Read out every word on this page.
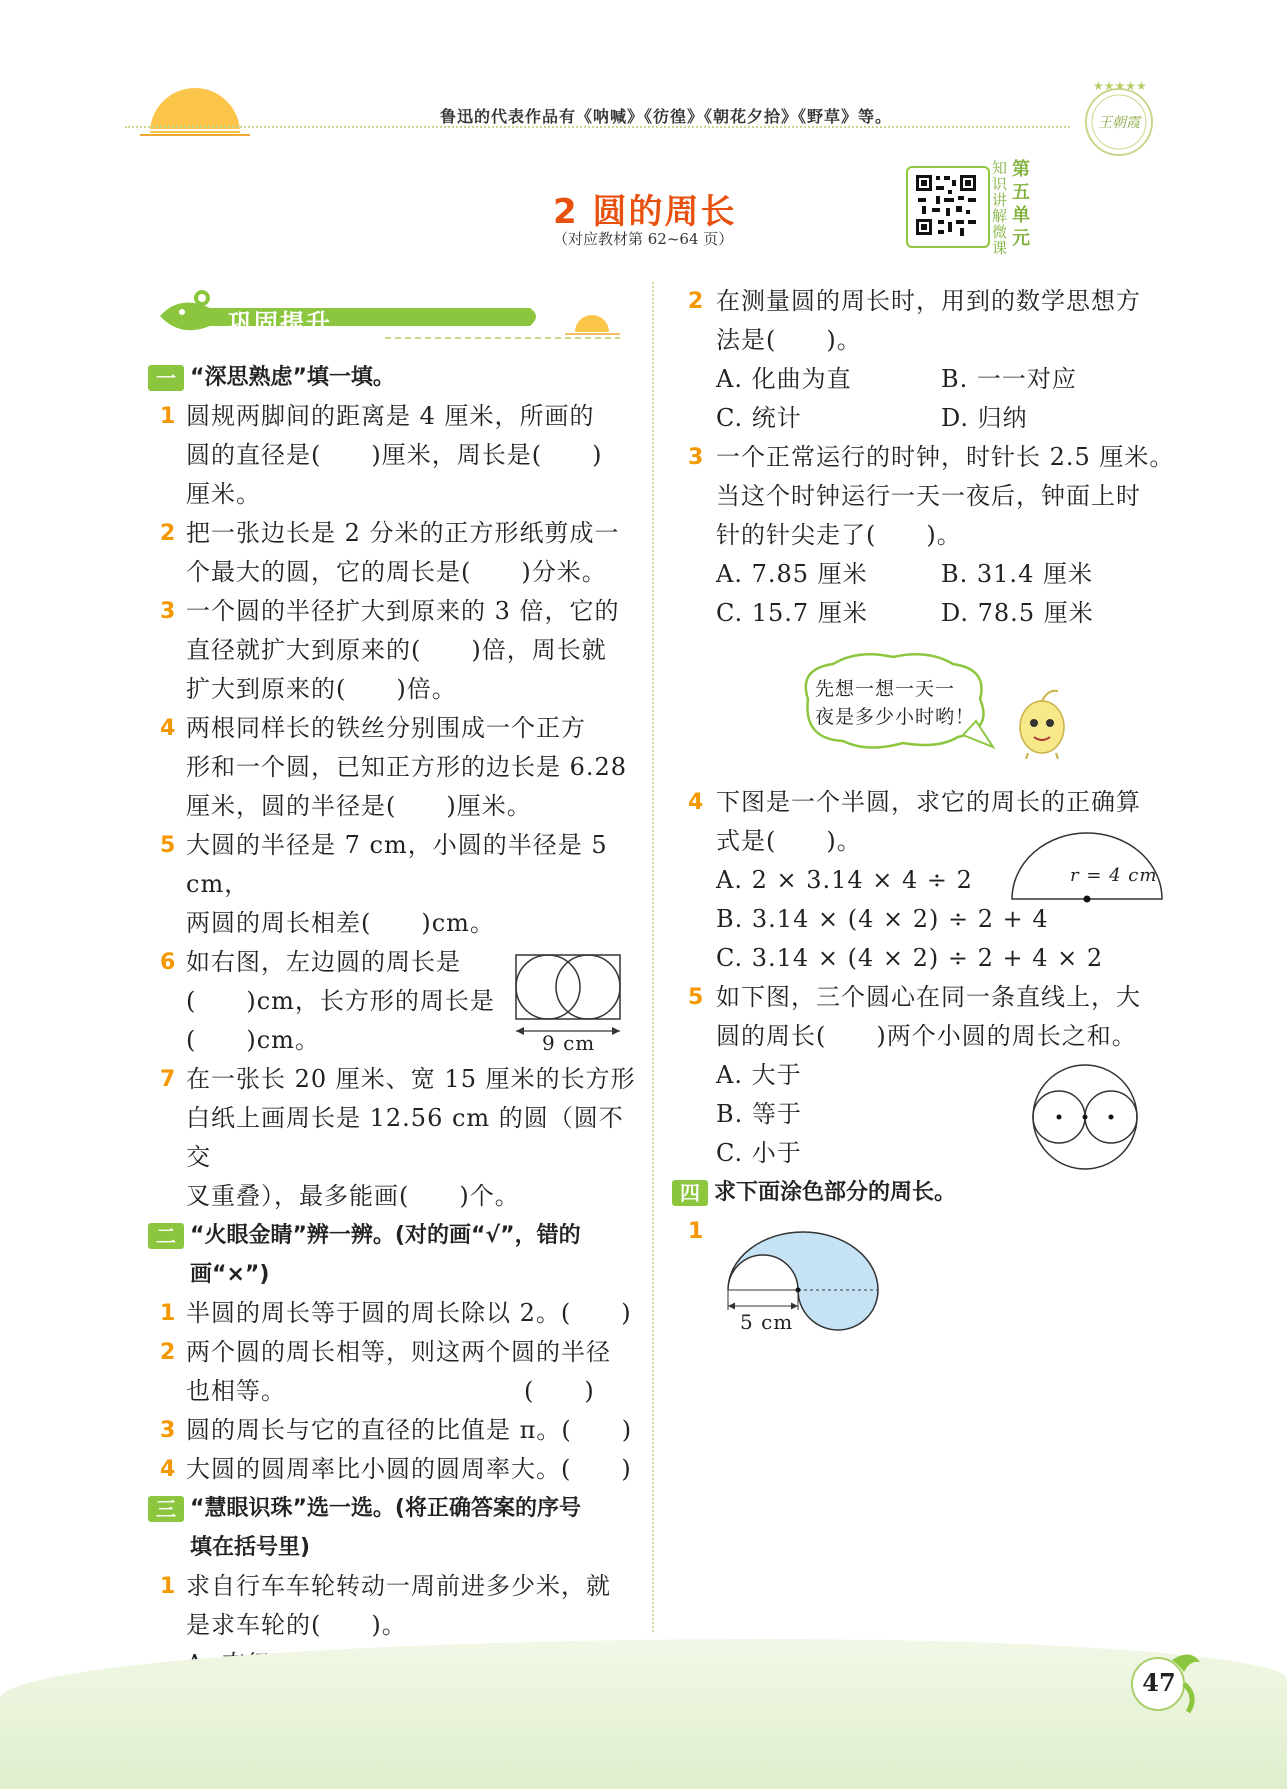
鲁迅的代表作品有《呐喊》《彷徨》《朝花夕拾》《野草》等。
★★★★★
王朝霞
2 圆的周长
（对应教材第 62~64 页）
知识讲解微课
第五单元
巩固提升
一 “深思熟虑”填一填。
1 圆规两脚间的距离是 4 厘米，所画的
圆的直径是(　　)厘米，周长是(　　)
厘米。
2 把一张边长是 2 分米的正方形纸剪成一
个最大的圆，它的周长是(　　)分米。
3 一个圆的半径扩大到原来的 3 倍，它的
直径就扩大到原来的(　　)倍，周长就
扩大到原来的(　　)倍。
4 两根同样长的铁丝分别围成一个正方
形和一个圆，已知正方形的边长是 6.28
厘米，圆的半径是(　　)厘米。
5 大圆的半径是 7 cm，小圆的半径是 5 cm，
两圆的周长相差(　　)cm。
6 如右图，左边圆的周长是
(　　)cm，长方形的周长是
(　　)cm。	9 cm
7 在一张长 20 厘米、宽 15 厘米的长方形
白纸上画周长是 12.56 cm 的圆（圆不交
叉重叠），最多能画(　　)个。
二 “火眼金睛”辨一辨。(对的画“√”，错的
画“×”)
1 半圆的周长等于圆的周长除以 2。(　　)
2 两个圆的周长相等，则这两个圆的半径
也相等。　　　　　　　　　　(　　)
3 圆的周长与它的直径的比值是 π。(　　)
4 大圆的圆周率比小圆的圆周率大。(　　)
三 “慧眼识珠”选一选。(将正确答案的序号
填在括号里)
1 求自行车车轮转动一周前进多少米，就
是求车轮的(　　)。
2 在测量圆的周长时，用到的数学思想方
法是(　　)。
A. 化曲为直	B. 一一对应
C. 统计	D. 归纳
3 一个正常运行的时钟，时针长 2.5 厘米。
当这个时钟运行一天一夜后，钟面上时
针的针尖走了(　　)。
A. 7.85 厘米	B. 31.4 厘米
C. 15.7 厘米	D. 78.5 厘米
先想一想一天一
夜是多少小时哟！
4 下图是一个半圆，求它的周长的正确算
式是(　　)。
A. 2 × 3.14 × 4 ÷ 2
B. 3.14 × (4 × 2) ÷ 2 + 4
C. 3.14 × (4 × 2) ÷ 2 + 4 × 2
r = 4 cm
5 如下图，三个圆心在同一条直线上，大
圆的周长(　　)两个小圆的周长之和。
A. 大于
B. 等于
C. 小于
四 求下面涂色部分的周长。
1
5 cm
47
